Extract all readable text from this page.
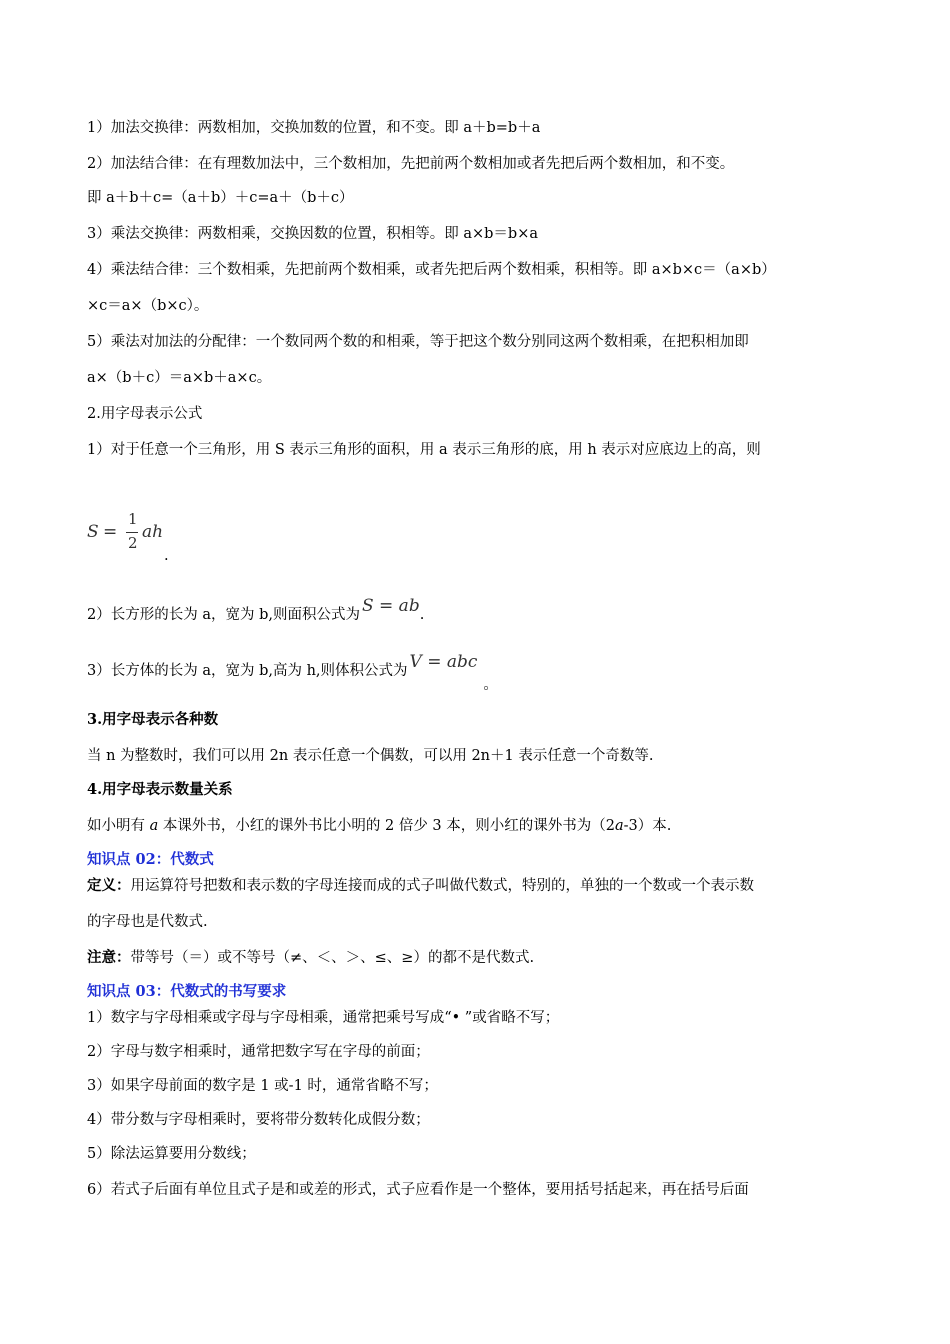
1）加法交换律：两数相加，交换加数的位置，和不变。即 a＋b=b＋a
2）加法结合律：在有理数加法中，三个数相加，先把前两个数相加或者先把后两个数相加，和不变。
即 a＋b＋c=（a＋b）＋c=a＋（b＋c）
3）乘法交换律：两数相乘，交换因数的位置，积相等。即 a×b＝b×a
4）乘法结合律：三个数相乘，先把前两个数相乘，或者先把后两个数相乘，积相等。即 a×b×c＝（a×b）
×c＝a×（b×c）。
5）乘法对加法的分配律：一个数同两个数的和相乘，等于把这个数分别同这两个数相乘，在把积相加即
a×（b＋c）＝a×b＋a×c。
2.用字母表示公式
1）对于任意一个三角形，用 S 表示三角形的面积，用 a 表示三角形的底，用 h 表示对应底边上的高，则
S =
1
2
ah
.
2）长方形的长为 a，宽为 b,则面积公式为 S = ab.
3）长方体的长为 a，宽为 b,高为 h,则体积公式为 V = abc。
3.用字母表示各种数
当 n 为整数时，我们可以用 2n 表示任意一个偶数，可以用 2n＋1 表示任意一个奇数等.
4.用字母表示数量关系
如小明有 a 本课外书，小红的课外书比小明的 2 倍少 3 本，则小红的课外书为（2a-3）本.
知识点 02：代数式
定义：用运算符号把数和表示数的字母连接而成的式子叫做代数式，特别的，单独的一个数或一个表示数
的字母也是代数式.
注意：带等号（＝）或不等号（≠、＜、＞、≤、≥）的都不是代数式.
知识点 03：代数式的书写要求
1）数字与字母相乘或字母与字母相乘，通常把乘号写成“• ”或省略不写；
2）字母与数字相乘时，通常把数字写在字母的前面；
3）如果字母前面的数字是 1 或-1 时，通常省略不写；
4）带分数与字母相乘时，要将带分数转化成假分数；
5）除法运算要用分数线；
6）若式子后面有单位且式子是和或差的形式，式子应看作是一个整体，要用括号括起来，再在括号后面
